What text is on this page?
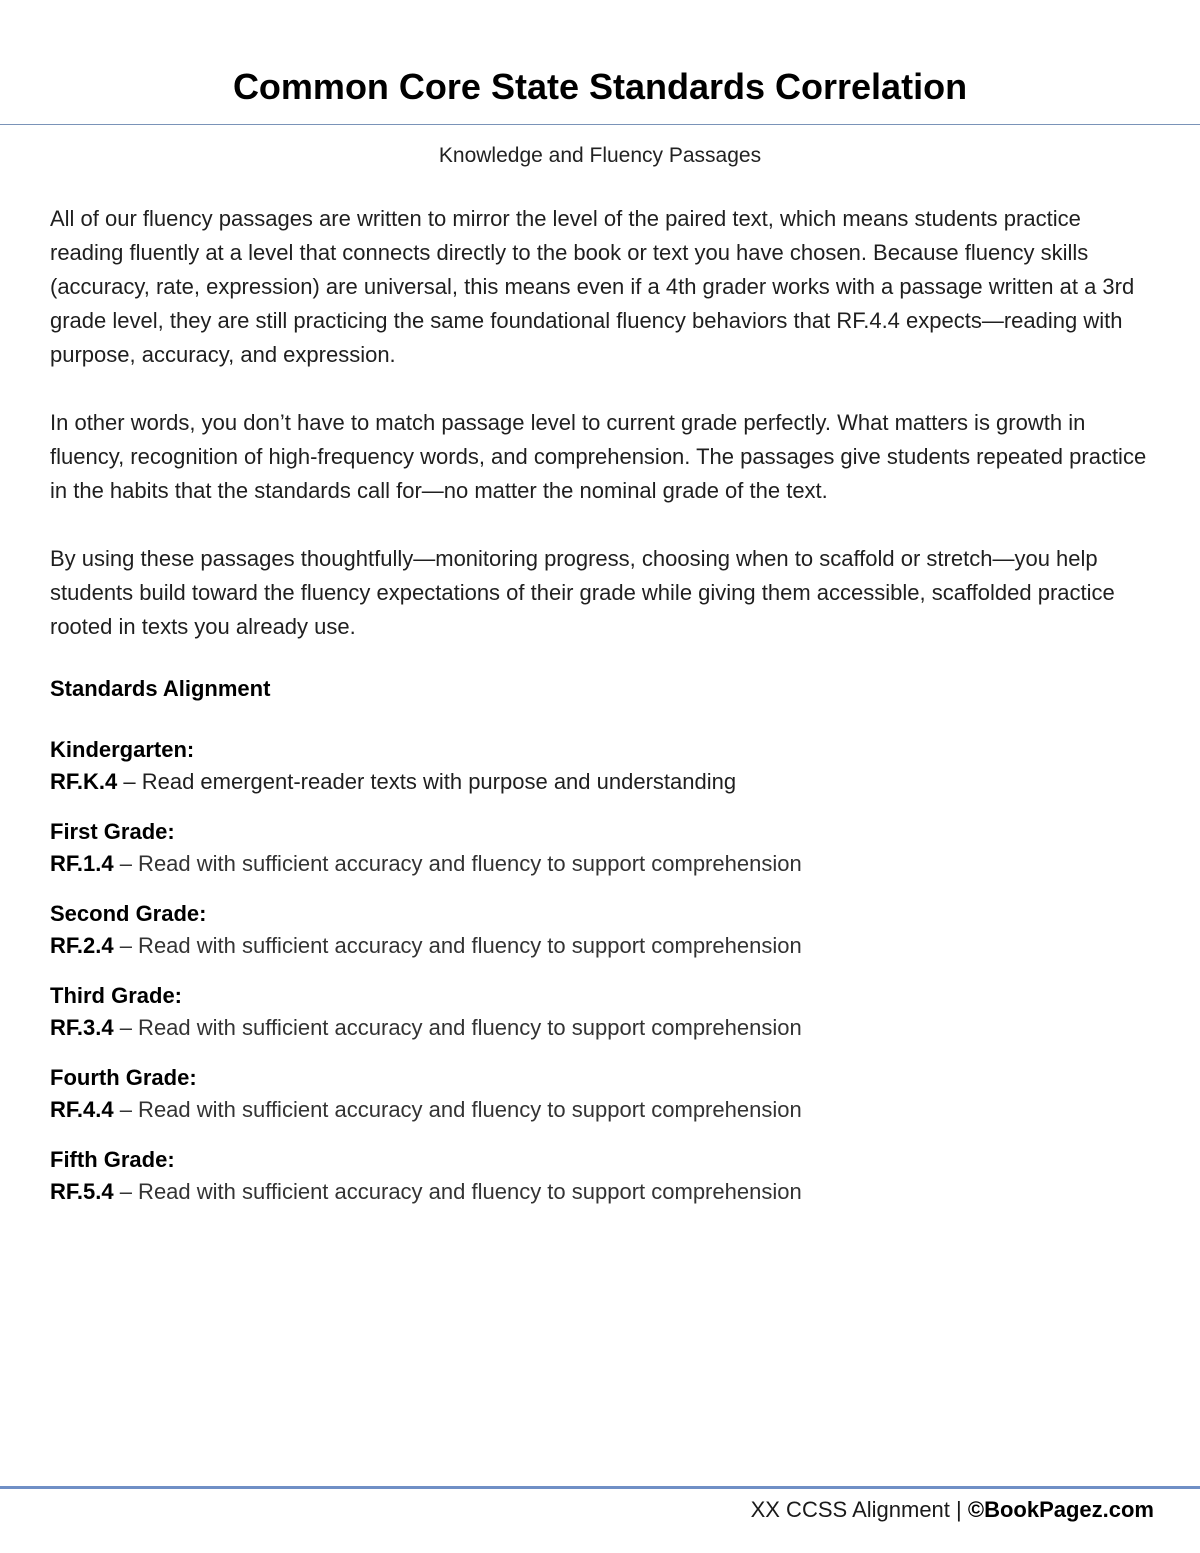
Common Core State Standards Correlation
Knowledge and Fluency Passages

All of our fluency passages are written to mirror the level of the paired text, which means students practice reading fluently at a level that connects directly to the book or text you have chosen. Because fluency skills (accuracy, rate, expression) are universal, this means even if a 4th grader works with a passage written at a 3rd grade level, they are still practicing the same foundational fluency behaviors that RF.4.4 expects—reading with purpose, accuracy, and expression.

In other words, you don’t have to match passage level to current grade perfectly. What matters is growth in fluency, recognition of high-frequency words, and comprehension. The passages give students repeated practice in the habits that the standards call for—no matter the nominal grade of the text.

By using these passages thoughtfully—monitoring progress, choosing when to scaffold or stretch—you help students build toward the fluency expectations of their grade while giving them accessible, scaffolded practice rooted in texts you already use.

Standards Alignment
Kindergarten:
RF.K.4 – Read emergent-reader texts with purpose and understanding
First Grade:
RF.1.4 – Read with sufficient accuracy and fluency to support comprehension
Second Grade:
RF.2.4 – Read with sufficient accuracy and fluency to support comprehension
Third Grade:
RF.3.4 – Read with sufficient accuracy and fluency to support comprehension
Fourth Grade:
RF.4.4 – Read with sufficient accuracy and fluency to support comprehension
Fifth Grade:
RF.5.4 – Read with sufficient accuracy and fluency to support comprehension
XX CCSS Alignment | ©BookPagez.com
